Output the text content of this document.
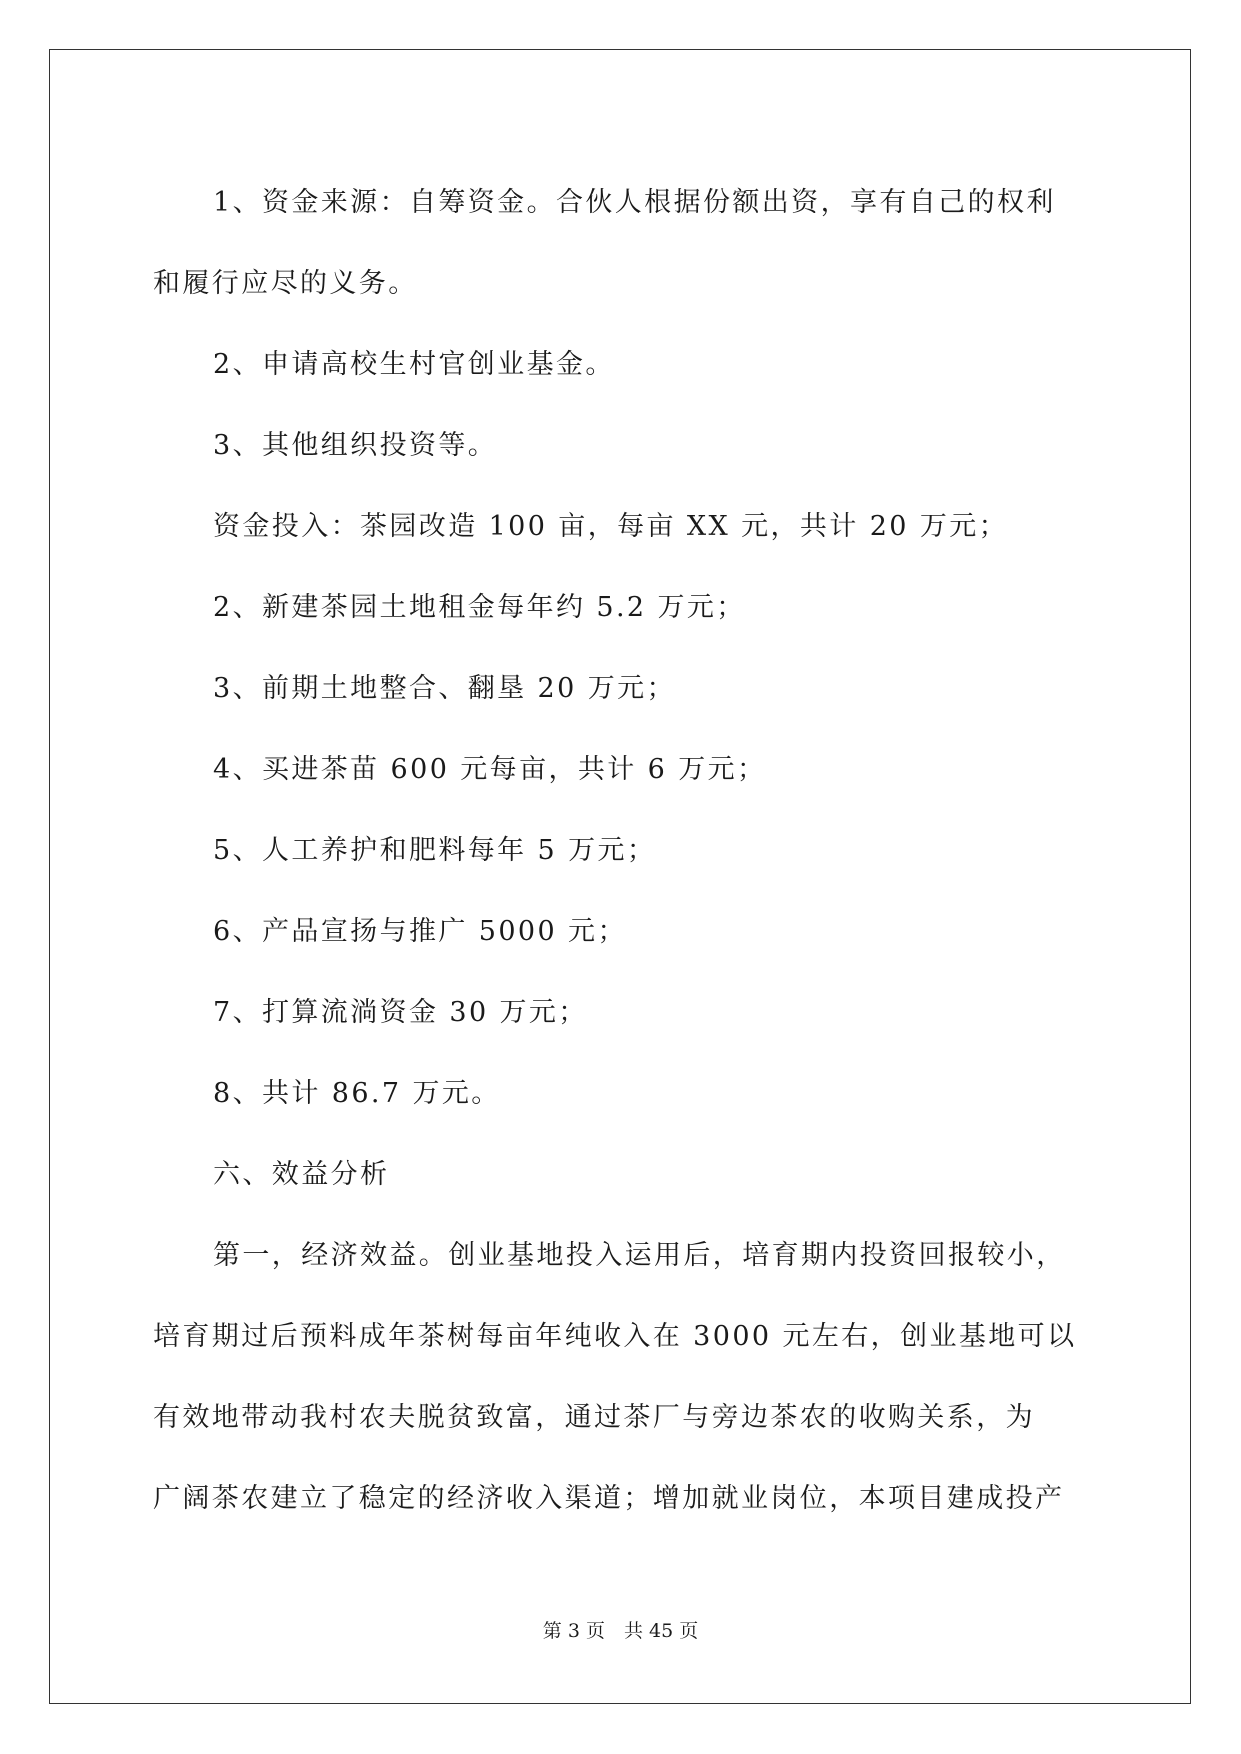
1、资金来源：自筹资金。合伙人根据份额出资，享有自己的权利

和履行应尽的义务。

2、申请高校生村官创业基金。

3、其他组织投资等。

资金投入：茶园改造 100 亩，每亩 XX 元，共计 20 万元；

2、新建茶园土地租金每年约 5.2 万元；

3、前期土地整合、翻垦 20 万元；

4、买进茶苗 600 元每亩，共计 6 万元；

5、人工养护和肥料每年 5 万元；

6、产品宣扬与推广 5000 元；

7、打算流淌资金 30 万元；

8、共计 86.7 万元。

六、效益分析

第一，经济效益。创业基地投入运用后，培育期内投资回报较小，

培育期过后预料成年茶树每亩年纯收入在 3000 元左右，创业基地可以

有效地带动我村农夫脱贫致富，通过茶厂与旁边茶农的收购关系，为

广阔茶农建立了稳定的经济收入渠道；增加就业岗位，本项目建成投产

第 3 页　共 45 页
